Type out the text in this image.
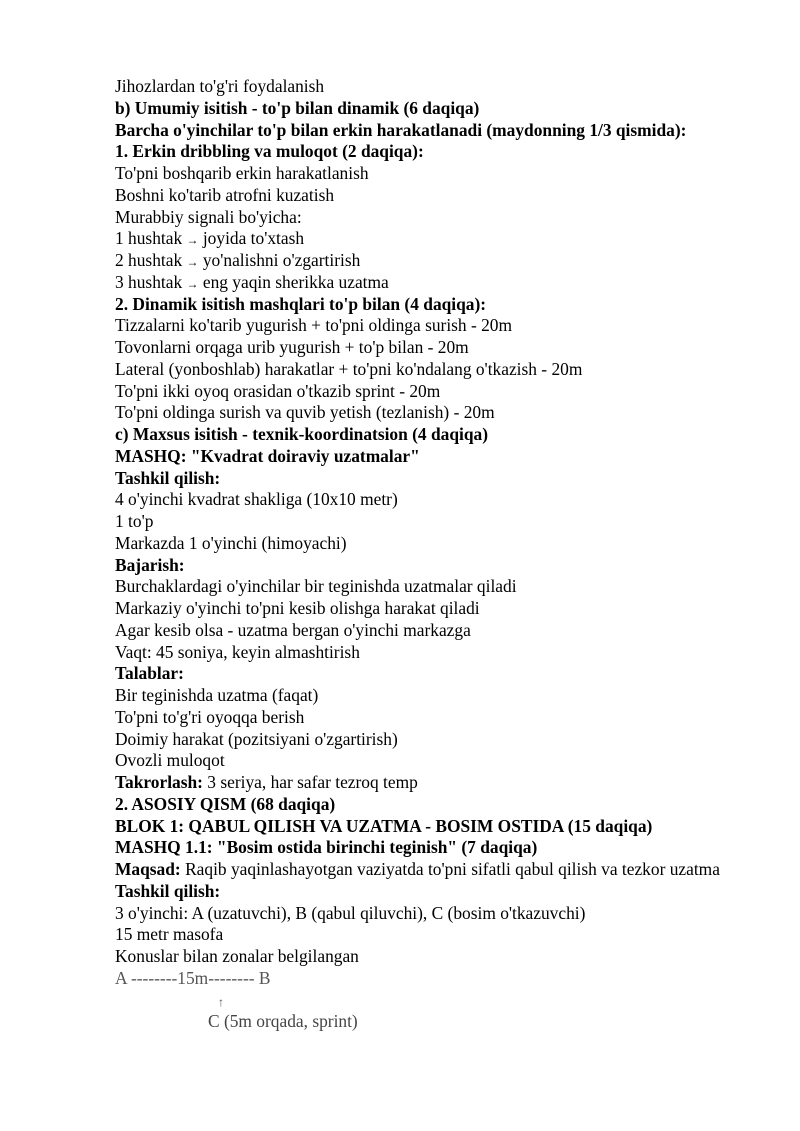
Jihozlardan to'g'ri foydalanish
b) Umumiy isitish - to'p bilan dinamik (6 daqiqa)
Barcha o'yinchilar to'p bilan erkin harakatlanadi (maydonning 1/3 qismida):
1. Erkin dribbling va muloqot (2 daqiqa):
To'pni boshqarib erkin harakatlanish
Boshni ko'tarib atrofni kuzatish
Murabbiy signali bo'yicha:
1 hushtak → joyida to'xtash
2 hushtak → yo'nalishni o'zgartirish
3 hushtak → eng yaqin sherikka uzatma
2. Dinamik isitish mashqlari to'p bilan (4 daqiqa):
Tizzalarni ko'tarib yugurish + to'pni oldinga surish - 20m
Tovonlarni orqaga urib yugurish + to'p bilan - 20m
Lateral (yonboshlab) harakatlar + to'pni ko'ndalang o'tkazish - 20m
To'pni ikki oyoq orasidan o'tkazib sprint - 20m
To'pni oldinga surish va quvib yetish (tezlanish) - 20m
c) Maxsus isitish - texnik-koordinatsion (4 daqiqa)
MASHQ: "Kvadrat doiraviy uzatmalar"
Tashkil qilish:
4 o'yinchi kvadrat shakliga (10x10 metr)
1 to'p
Markazda 1 o'yinchi (himoyachi)
Bajarish:
Burchaklardagi o'yinchilar bir teginishda uzatmalar qiladi
Markaziy o'yinchi to'pni kesib olishga harakat qiladi
Agar kesib olsa - uzatma bergan o'yinchi markazga
Vaqt: 45 soniya, keyin almashtirish
Talablar:
Bir teginishda uzatma (faqat)
To'pni to'g'ri oyoqqa berish
Doimiy harakat (pozitsiyani o'zgartirish)
Ovozli muloqot
Takrorlash: 3 seriya, har safar tezroq temp
2. ASOSIY QISM (68 daqiqa)
BLOK 1: QABUL QILISH VA UZATMA - BOSIM OSTIDA (15 daqiqa)
MASHQ 1.1: "Bosim ostida birinchi teginish" (7 daqiqa)
Maqsad: Raqib yaqinlashayotgan vaziyatda to'pni sifatli qabul qilish va tezkor uzatma
Tashkil qilish:
3 o'yinchi: A (uzatuvchi), B (qabul qiluvchi), C (bosim o'tkazuvchi)
15 metr masofa
Konuslar bilan zonalar belgilangan
A --------15m-------- B
↑
C (5m orqada, sprint)
